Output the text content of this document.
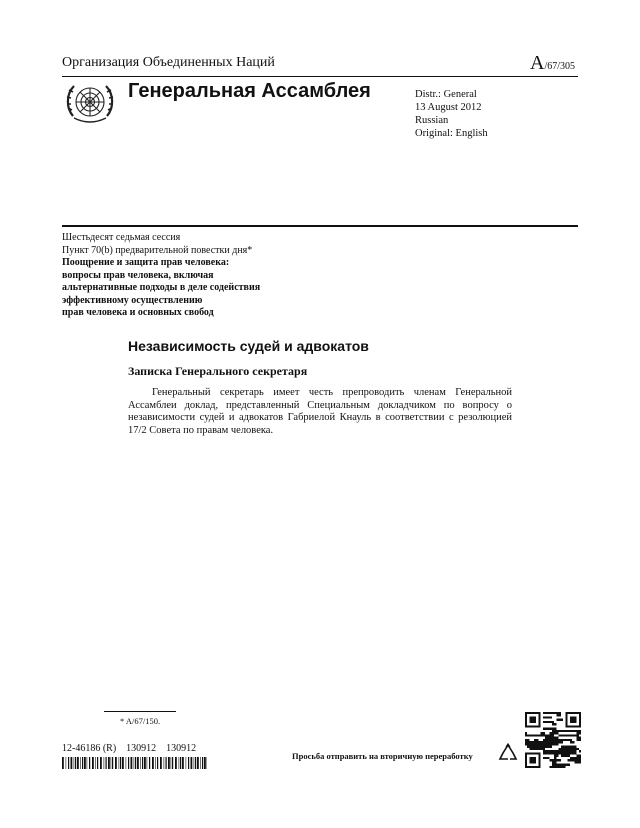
Организация Объединенных Наций	A/67/305
Генеральная Ассамблея	Distr.: General
13 August 2012
Russian
Original: English
Шестьдесят седьмая сессия
Пункт 70(b) предварительной повестки дня*
Поощрение и защита прав человека:
вопросы прав человека, включая
альтернативные подходы в деле содействия
эффективному осуществлению
прав человека и основных свобод
Независимость судей и адвокатов
Записка Генерального секретаря
Генеральный секретарь имеет честь препроводить членам Генеральной Ассамблеи доклад, представленный Специальным докладчиком по вопросу о независимости судей и адвокатов Габриелой Кнауль в соответствии с резолюцией 17/2 Совета по правам человека.
* A/67/150.
12-46186 (R)    130912    130912
Просьба отправить на вторичную переработку
